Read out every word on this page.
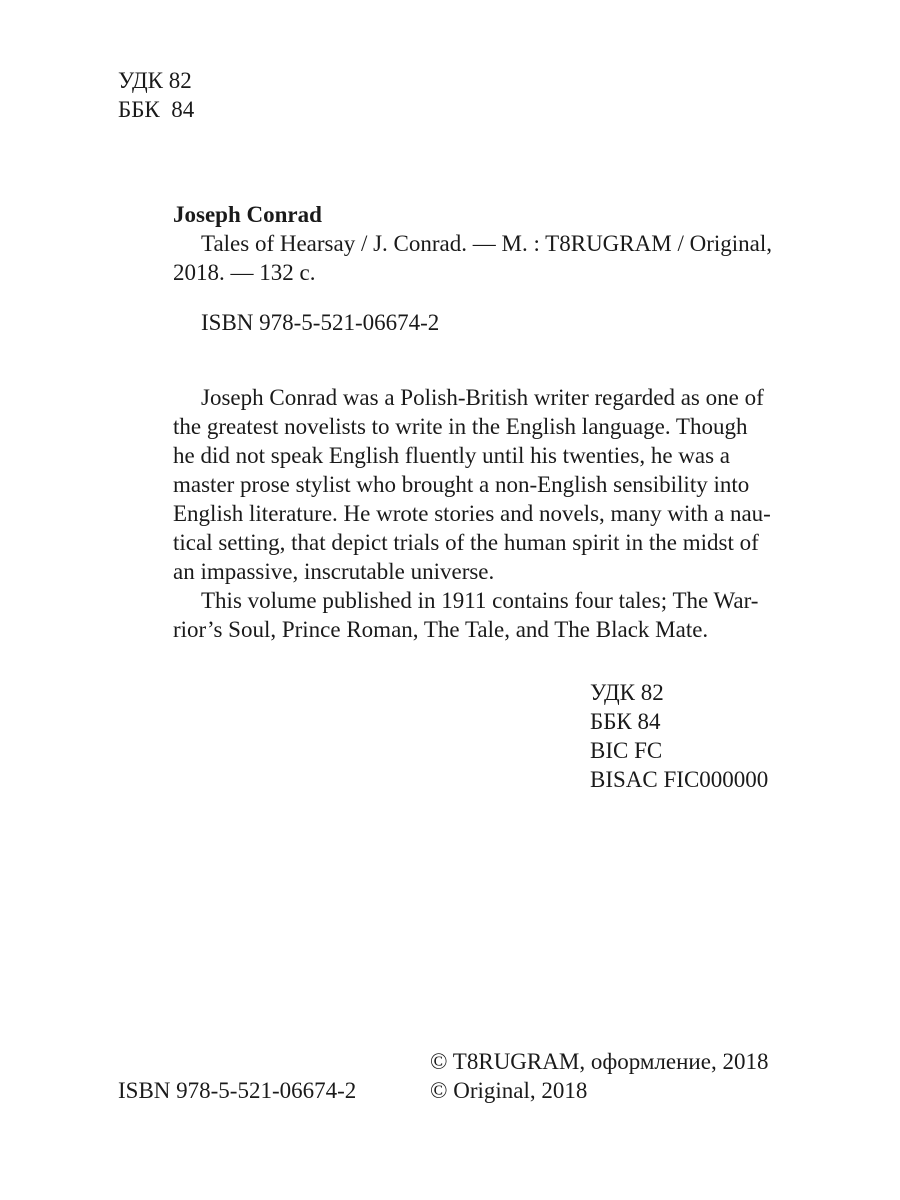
УДК 82
ББК  84
Joseph Conrad
Tales of Hearsay / J. Conrad. — M. : T8RUGRAM / Original,
2018. — 132 c.
ISBN 978-5-521-06674-2
Joseph Conrad was a Polish-British writer regarded as one of
the greatest novelists to write in the English language. Though
he did not speak English fluently until his twenties, he was a
master prose stylist who brought a non-English sensibility into
English literature. He wrote stories and novels, many with a nau-
tical setting, that depict trials of the human spirit in the midst of
an impassive, inscrutable universe.
This volume published in 1911 contains four tales; The War-
rior’s Soul, Prince Roman, The Tale, and The Black Mate.
УДК 82
ББК 84
BIC FC
BISAC FIC000000
ISBN 978-5-521-06674-2
© T8RUGRAM, оформление, 2018
© Original, 2018
